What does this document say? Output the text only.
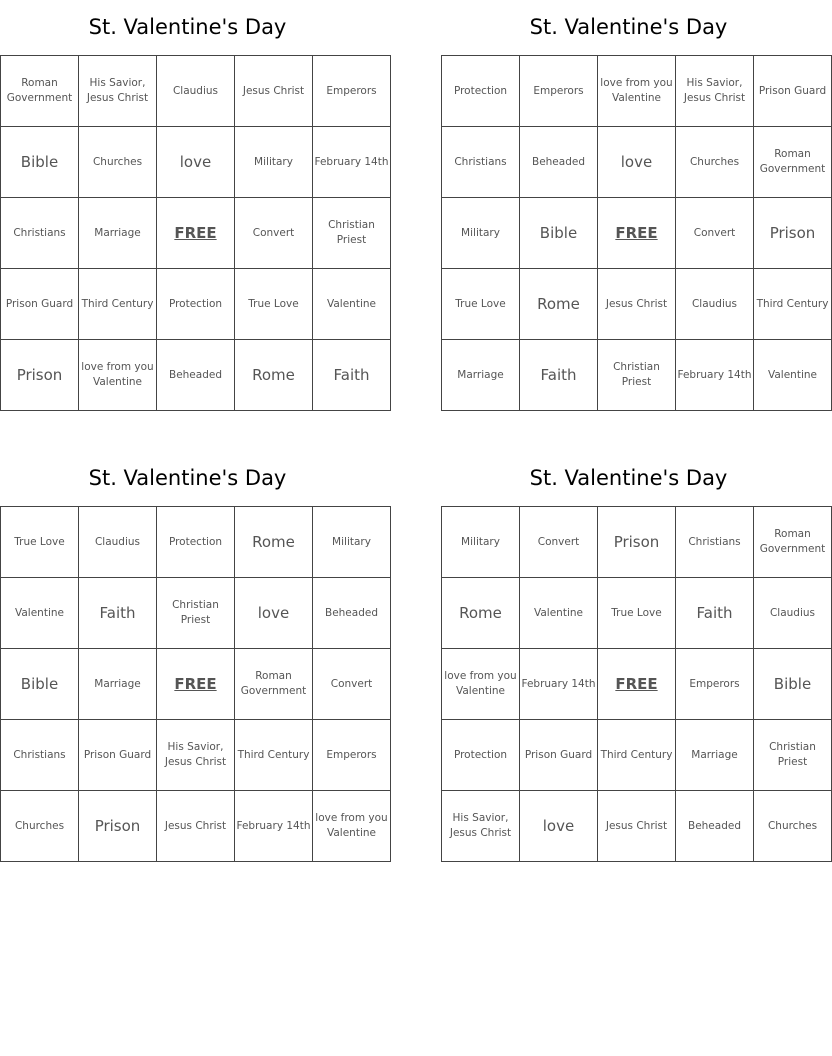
St. Valentine's Day
Roman Government	His Savior, Jesus Christ	Claudius	Jesus Christ	Emperors
Bible	Churches	love	Military	February 14th
Christians	Marriage	FREE	Convert	Christian Priest
Prison Guard	Third Century	Protection	True Love	Valentine
Prison	love from you Valentine	Beheaded	Rome	Faith
St. Valentine's Day
Protection	Emperors	love from you Valentine	His Savior, Jesus Christ	Prison Guard
Christians	Beheaded	love	Churches	Roman Government
Military	Bible	FREE	Convert	Prison
True Love	Rome	Jesus Christ	Claudius	Third Century
Marriage	Faith	Christian Priest	February 14th	Valentine
St. Valentine's Day
True Love	Claudius	Protection	Rome	Military
Valentine	Faith	Christian Priest	love	Beheaded
Bible	Marriage	FREE	Roman Government	Convert
Christians	Prison Guard	His Savior, Jesus Christ	Third Century	Emperors
Churches	Prison	Jesus Christ	February 14th	love from you Valentine
St. Valentine's Day
Military	Convert	Prison	Christians	Roman Government
Rome	Valentine	True Love	Faith	Claudius
love from you Valentine	February 14th	FREE	Emperors	Bible
Protection	Prison Guard	Third Century	Marriage	Christian Priest
His Savior, Jesus Christ	love	Jesus Christ	Beheaded	Churches
